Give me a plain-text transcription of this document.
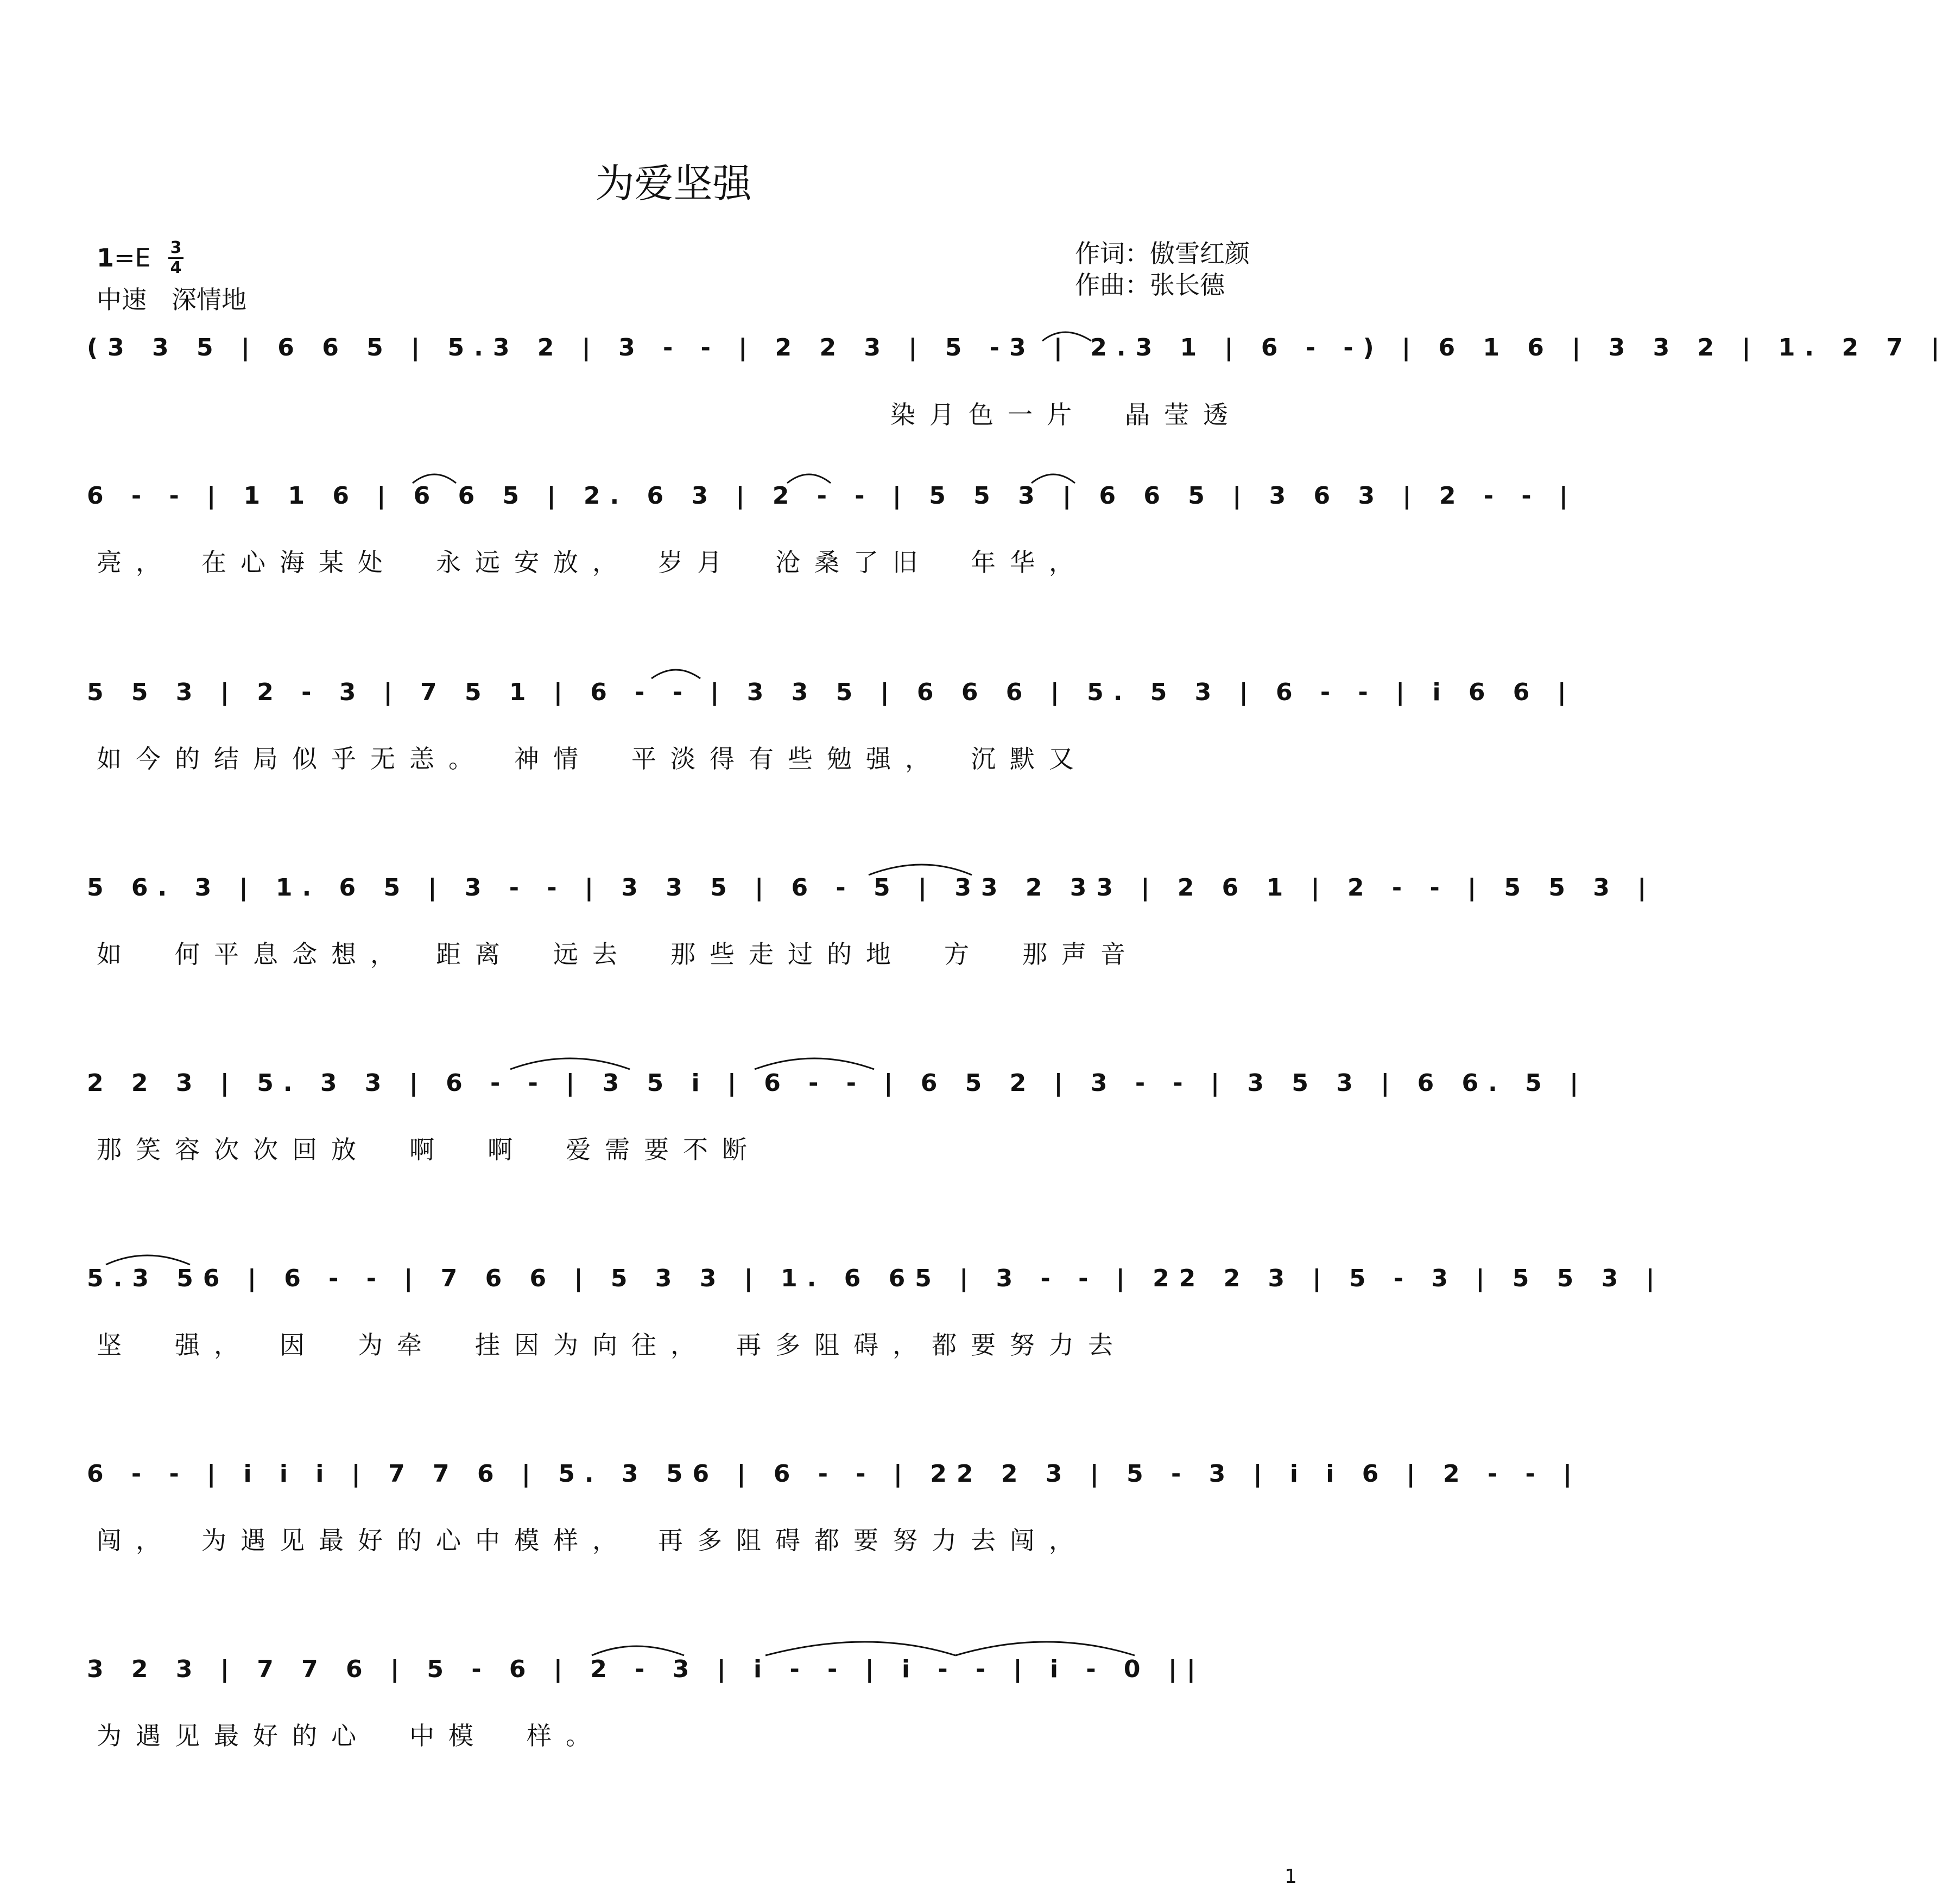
为爱坚强
1=E 3
4
中速　深情地
作词：傲雪红颜
作曲：张长德
(3 3 5 | 6 6 5 | 5.3 2 | 3 - - | 2 2 3 | 5 -3 | 2.3 1 | 6 - -) | 6 1 6 | 3 3 2 | 1. 2 7 |
染月色一片　晶莹透
6 - - | 1 1 6 | 6 6 5 | 2. 6 3 | 2 - - | 5 5 3 | 6 6 5 | 3 6 3 | 2 - - |
亮，　在心海某处　永远安放，　岁月　沧桑了旧　年华，
5 5 3 | 2 - 3 | 7 5 1 | 6 - - | 3 3 5 | 6 6 6 | 5. 5 3 | 6 - - | i 6 6 |
如今的结局似乎无恙。　神情　平淡得有些勉强，　沉默又
5 6. 3 | 1. 6 5 | 3 - - | 3 3 5 | 6 - 5 | 33 2 33 | 2 6 1 | 2 - - | 5 5 3 |
如　何平息念想，　距离　远去　那些走过的地　方　那声音
2 2 3 | 5. 3 3 | 6 - - | 3 5 i | 6 - - | 6 5 2 | 3 - - | 3 5 3 | 6 6. 5 |
那笑容次次回放　啊　啊　爱需要不断
5.3 56 | 6 - - | 7 6 6 | 5 3 3 | 1. 6 65 | 3 - - | 22 2 3 | 5 - 3 | 5 5 3 |
坚　强，　因　为牵　挂因为向往，　再多阻碍，都要努力去
6 - - | i i i | 7 7 6 | 5. 3 56 | 6 - - | 22 2 3 | 5 - 3 | i i 6 | 2 - - |
闯，　为遇见最好的心中模样，　再多阻碍都要努力去闯，
3 2 3 | 7 7 6 | 5 - 6 | 2 - 3 | i - - | i - - | i - 0 ||
为遇见最好的心　中模　样。
1
